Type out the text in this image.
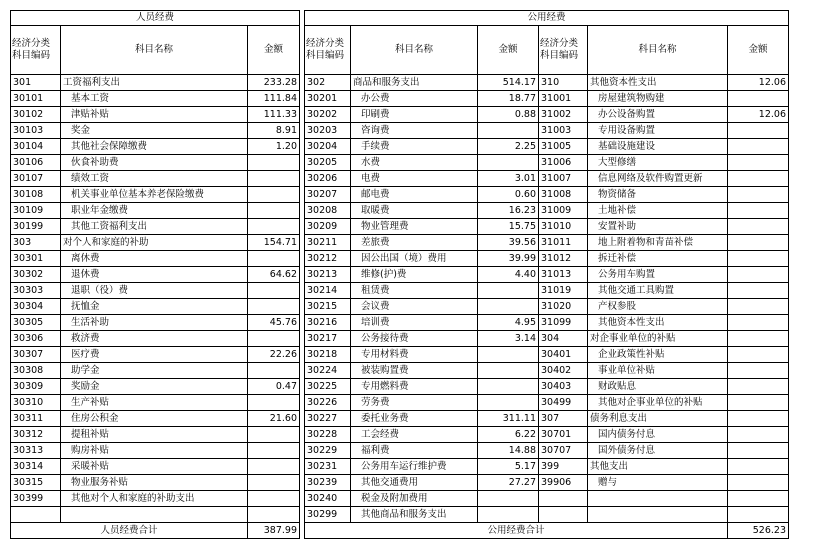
人员经费				公用经费					
经济分类科目编码	科目名称	金额		经济分类科目编码	科目名称	金额	经济分类科目编码	科目名称	金额
301	工资福利支出	233.28		302	商品和服务支出	514.17	310	其他资本性支出	12.06
30101	基本工资	111.84		30201	办公费	18.77	31001	房屋建筑物购建	
30102	津贴补贴	111.33		30202	印刷费	0.88	31002	办公设备购置	12.06
30103	奖金	8.91		30203	咨询费		31003	专用设备购置	
30104	其他社会保障缴费	1.20		30204	手续费	2.25	31005	基础设施建设	
30106	伙食补助费			30205	水费		31006	大型修缮	
30107	绩效工资			30206	电费	3.01	31007	信息网络及软件购置更新	
30108	机关事业单位基本养老保险缴费			30207	邮电费	0.60	31008	物资储备	
30109	职业年金缴费			30208	取暖费	16.23	31009	土地补偿	
30199	其他工资福利支出			30209	物业管理费	15.75	31010	安置补助	
303	对个人和家庭的补助	154.71		30211	差旅费	39.56	31011	地上附着物和青苗补偿	
30301	离休费			30212	因公出国（境）费用	39.99	31012	拆迁补偿	
30302	退休费	64.62		30213	维修(护)费	4.40	31013	公务用车购置	
30303	退职（役）费			30214	租赁费		31019	其他交通工具购置	
30304	抚恤金			30215	会议费		31020	产权参股	
30305	生活补助	45.76		30216	培训费	4.95	31099	其他资本性支出	
30306	救济费			30217	公务接待费	3.14	304	对企事业单位的补贴	
30307	医疗费	22.26		30218	专用材料费		30401	企业政策性补贴	
30308	助学金			30224	被装购置费		30402	事业单位补贴	
30309	奖励金	0.47		30225	专用燃料费		30403	财政贴息	
30310	生产补贴			30226	劳务费		30499	其他对企事业单位的补贴	
30311	住房公积金	21.60		30227	委托业务费	311.11	307	债务利息支出	
30312	提租补贴			30228	工会经费	6.22	30701	国内债务付息	
30313	购房补贴			30229	福利费	14.88	30707	国外债务付息	
30314	采暖补贴			30231	公务用车运行维护费	5.17	399	其他支出	
30315	物业服务补贴			30239	其他交通费用	27.27	39906	赠与	
30399	其他对个人和家庭的补助支出			30240	税金及附加费用				
				30299	其他商品和服务支出				
人员经费合计		387.99		公用经费合计					526.23
